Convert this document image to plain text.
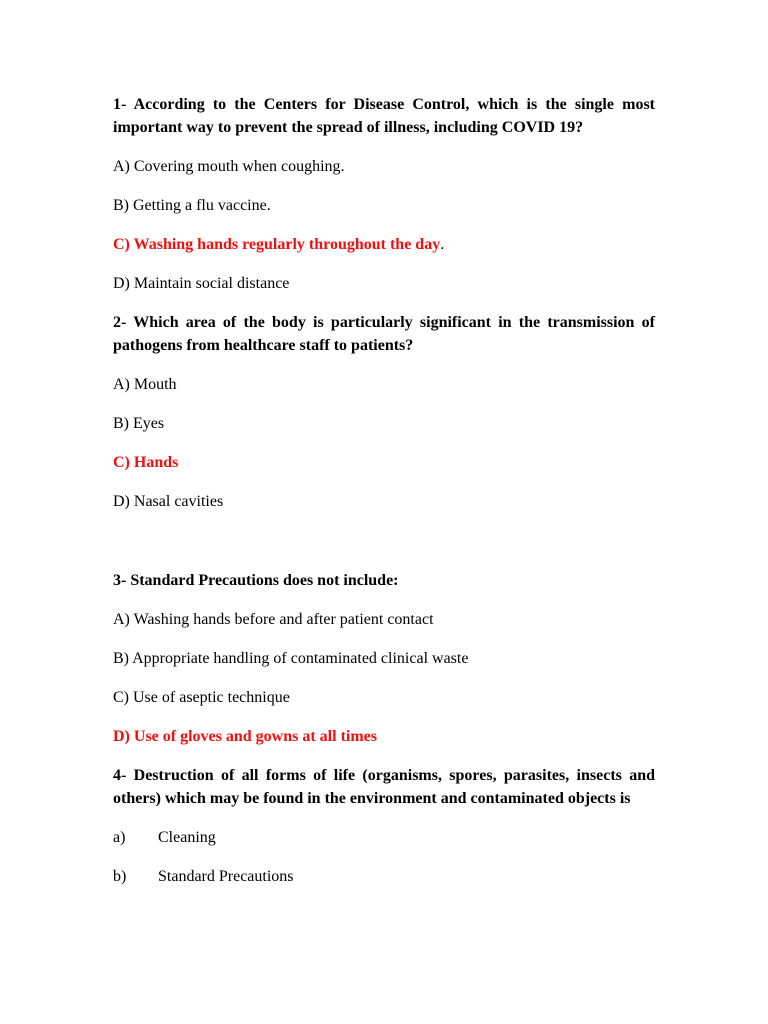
1- According to the Centers for Disease Control, which is the single most important way to prevent the spread of illness, including COVID 19?

A) Covering mouth when coughing.

B) Getting a flu vaccine.

C) Washing hands regularly throughout the day.

D) Maintain social distance

2- Which area of the body is particularly significant in the transmission of pathogens from healthcare staff to patients?

A) Mouth

B) Eyes

C) Hands

D) Nasal cavities

3- Standard Precautions does not include:

A) Washing hands before and after patient contact

B) Appropriate handling of contaminated clinical waste

C) Use of aseptic technique

D) Use of gloves and gowns at all times

4- Destruction of all forms of life (organisms, spores, parasites, insects and others) which may be found in the environment and contaminated objects is

a) Cleaning

b) Standard Precautions
